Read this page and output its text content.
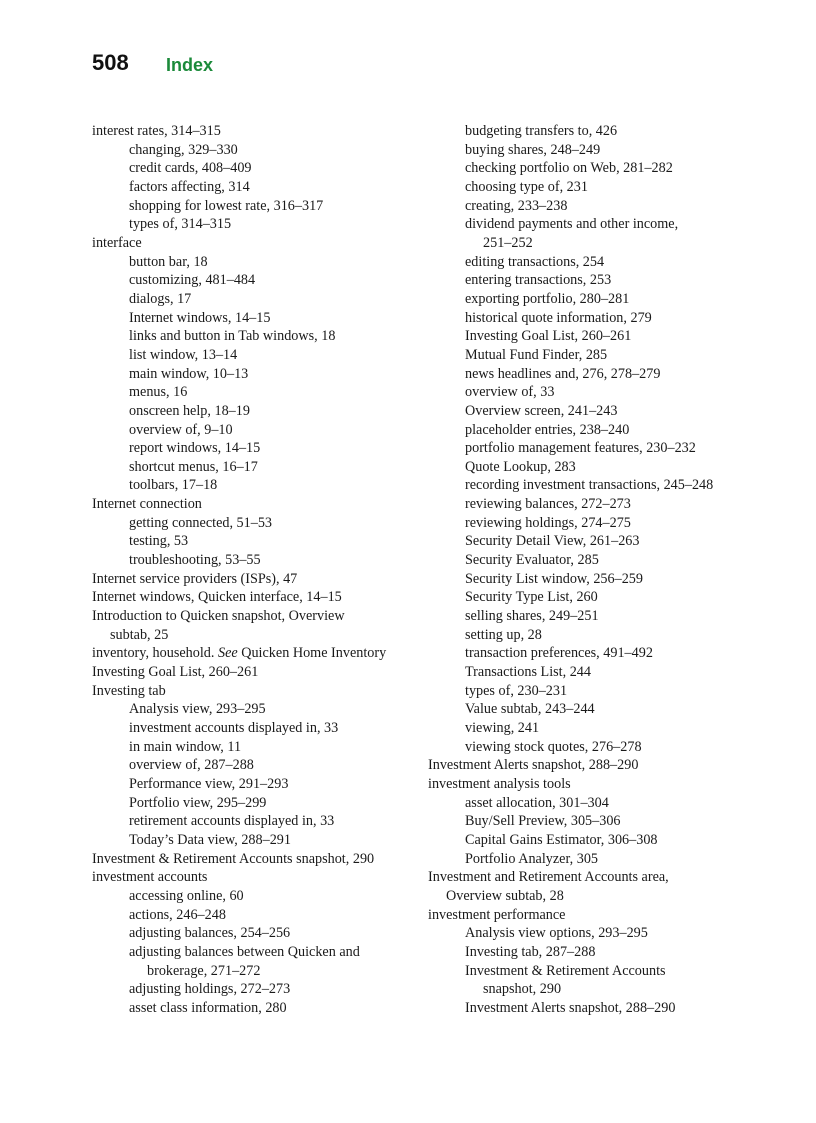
508 Index
interest rates, 314–315
changing, 329–330
credit cards, 408–409
factors affecting, 314
shopping for lowest rate, 316–317
types of, 314–315
interface
button bar, 18
customizing, 481–484
dialogs, 17
Internet windows, 14–15
links and button in Tab windows, 18
list window, 13–14
main window, 10–13
menus, 16
onscreen help, 18–19
overview of, 9–10
report windows, 14–15
shortcut menus, 16–17
toolbars, 17–18
Internet connection
getting connected, 51–53
testing, 53
troubleshooting, 53–55
Internet service providers (ISPs), 47
Internet windows, Quicken interface, 14–15
Introduction to Quicken snapshot, Overview
subtab, 25
inventory, household. See Quicken Home Inventory
Investing Goal List, 260–261
Investing tab
Analysis view, 293–295
investment accounts displayed in, 33
in main window, 11
overview of, 287–288
Performance view, 291–293
Portfolio view, 295–299
retirement accounts displayed in, 33
Today’s Data view, 288–291
Investment & Retirement Accounts snapshot, 290
investment accounts
accessing online, 60
actions, 246–248
adjusting balances, 254–256
adjusting balances between Quicken and
brokerage, 271–272
adjusting holdings, 272–273
asset class information, 280
budgeting transfers to, 426
buying shares, 248–249
checking portfolio on Web, 281–282
choosing type of, 231
creating, 233–238
dividend payments and other income,
251–252
editing transactions, 254
entering transactions, 253
exporting portfolio, 280–281
historical quote information, 279
Investing Goal List, 260–261
Mutual Fund Finder, 285
news headlines and, 276, 278–279
overview of, 33
Overview screen, 241–243
placeholder entries, 238–240
portfolio management features, 230–232
Quote Lookup, 283
recording investment transactions, 245–248
reviewing balances, 272–273
reviewing holdings, 274–275
Security Detail View, 261–263
Security Evaluator, 285
Security List window, 256–259
Security Type List, 260
selling shares, 249–251
setting up, 28
transaction preferences, 491–492
Transactions List, 244
types of, 230–231
Value subtab, 243–244
viewing, 241
viewing stock quotes, 276–278
Investment Alerts snapshot, 288–290
investment analysis tools
asset allocation, 301–304
Buy/Sell Preview, 305–306
Capital Gains Estimator, 306–308
Portfolio Analyzer, 305
Investment and Retirement Accounts area,
Overview subtab, 28
investment performance
Analysis view options, 293–295
Investing tab, 287–288
Investment & Retirement Accounts
snapshot, 290
Investment Alerts snapshot, 288–290
